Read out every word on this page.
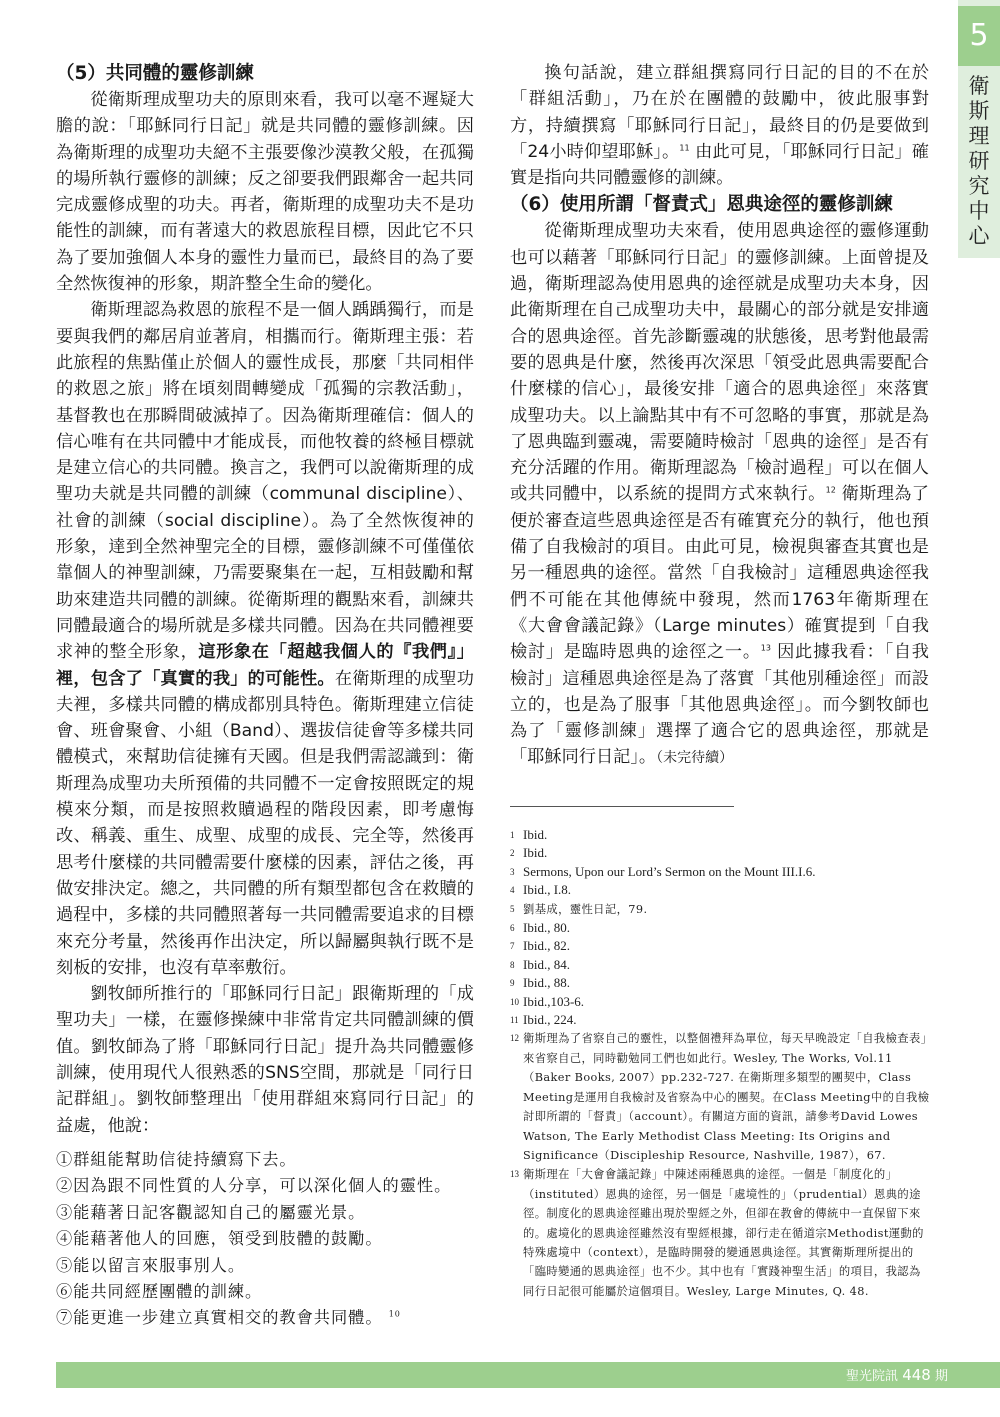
5
衛
斯
理
研
究
中
心
（5）共同體的靈修訓練

從衛斯理成聖功夫的原則來看，我可以毫不遲疑大膽的說：「耶穌同行日記」就是共同體的靈修訓練。因為衛斯理的成聖功夫絕不主張要像沙漠教父般，在孤獨的場所執行靈修的訓練；反之卻要我們跟鄰舍一起共同完成靈修成聖的功夫。再者，衛斯理的成聖功夫不是功能性的訓練，而有著遠大的救恩旅程目標，因此它不只為了要加強個人本身的靈性力量而已，最終目的為了要全然恢復神的形象，期許整全生命的變化。

衛斯理認為救恩的旅程不是一個人踽踽獨行，而是要與我們的鄰居肩並著肩，相攜而行。衛斯理主張：若此旅程的焦點僅止於個人的靈性成長，那麼「共同相伴的救恩之旅」將在頃刻間轉變成「孤獨的宗教活動」，基督教也在那瞬間破滅掉了。因為衛斯理確信：個人的信心唯有在共同體中才能成長，而他牧養的終極目標就是建立信心的共同體。換言之，我們可以說衛斯理的成聖功夫就是共同體的訓練（communal discipline）、社會的訓練（social discipline）。為了全然恢復神的形象，達到全然神聖完全的目標，靈修訓練不可僅僅依靠個人的神聖訓練，乃需要聚集在一起，互相鼓勵和幫助來建造共同體的訓練。從衛斯理的觀點來看，訓練共同體最適合的場所就是多樣共同體。因為在共同體裡要求神的整全形象，這形象在「超越我個人的『我們』」裡，包含了「真實的我」的可能性。在衛斯理的成聖功夫裡，多樣共同體的構成都別具特色。衛斯理建立信徒會、班會聚會、小組（Band）、選拔信徒會等多樣共同體模式，來幫助信徒擁有天國。但是我們需認識到：衛斯理為成聖功夫所預備的共同體不一定會按照既定的規模來分類，而是按照救贖過程的階段因素，即考慮悔改、稱義、重生、成聖、成聖的成長、完全等，然後再思考什麼樣的共同體需要什麼樣的因素，評估之後，再做安排決定。總之，共同體的所有類型都包含在救贖的過程中，多樣的共同體照著每一共同體需要追求的目標來充分考量，然後再作出決定，所以歸屬與執行既不是刻板的安排，也沒有草率敷衍。

劉牧師所推行的「耶穌同行日記」跟衛斯理的「成聖功夫」一樣，在靈修操練中非常肯定共同體訓練的價值。劉牧師為了將「耶穌同行日記」提升為共同體靈修訓練，使用現代人很熟悉的SNS空間，那就是「同行日記群組」。劉牧師整理出「使用群組來寫同行日記」的益處，他說：

①群組能幫助信徒持續寫下去。
②因為跟不同性質的人分享，可以深化個人的靈性。
③能藉著日記客觀認知自己的屬靈光景。
④能藉著他人的回應，領受到肢體的鼓勵。
⑤能以留言來服事別人。
⑥能共同經歷團體的訓練。
⑦能更進一步建立真實相交的教會共同體。 $^{10}$

換句話說，建立群組撰寫同行日記的目的不在於「群組活動」，乃在於在團體的鼓勵中，彼此服事對方，持續撰寫「耶穌同行日記」，最終目的仍是要做到「24小時仰望耶穌」。$^{11}$ 由此可見，「耶穌同行日記」確實是指向共同體靈修的訓練。

（6）使用所謂「督責式」恩典途徑的靈修訓練

從衛斯理成聖功夫來看，使用恩典途徑的靈修運動也可以藉著「耶穌同行日記」的靈修訓練。上面曾提及過，衛斯理認為使用恩典的途徑就是成聖功夫本身，因此衛斯理在自己成聖功夫中，最關心的部分就是安排適合的恩典途徑。首先診斷靈魂的狀態後，思考對他最需要的恩典是什麼，然後再次深思「領受此恩典需要配合什麼樣的信心」，最後安排「適合的恩典途徑」來落實成聖功夫。以上論點其中有不可忽略的事實，那就是為了恩典臨到靈魂，需要隨時檢討「恩典的途徑」是否有充分活躍的作用。衛斯理認為「檢討過程」可以在個人或共同體中，以系統的提問方式來執行。$^{12}$ 衛斯理為了便於審查這些恩典途徑是否有確實充分的執行，他也預備了自我檢討的項目。由此可見，檢視與審查其實也是另一種恩典的途徑。當然「自我檢討」這種恩典途徑我們不可能在其他傳統中發現，然而1763年衛斯理在《大會會議記錄》（Large minutes）確實提到「自我檢討」是臨時恩典的途徑之一。$^{13}$ 因此據我看：「自我檢討」這種恩典途徑是為了落實「其他別種途徑」而設立的，也是為了服事「其他恩典途徑」。而今劉牧師也為了「靈修訓練」選擇了適合它的恩典途徑，那就是「耶穌同行日記」。（未完待續）

1 Ibid.
2 Ibid.
3 Sermons, Upon our Lord’s Sermon on the Mount III.I.6.
4 Ibid., I.8.
5 劉基成，靈性日記，79.
6 Ibid., 80.
7 Ibid., 82.
8 Ibid., 84.
9 Ibid., 88.
10 Ibid.,103-6.
11 Ibid., 224.
12 衛斯理為了省察自己的靈性，以整個禮拜為單位，每天早晚設定「自我檢查表」來省察自己，同時勸勉同工們也如此行。Wesley, The Works, Vol.11（Baker Books, 2007）pp.232-727. 在衛斯理多類型的團契中，Class Meeting是運用自我檢討及省察為中心的團契。在Class Meeting中的自我檢討即所謂的「督責」（account）。有關這方面的資訊，請參考David Lowes Watson, The Early Methodist Class Meeting: Its Origins and Significance（Discipleship Resource, Nashville, 1987），67.
13 衛斯理在「大會會議記錄」中陳述兩種恩典的途徑。一個是「制度化的」（instituted）恩典的途徑，另一個是「處境性的」（prudential）恩典的途徑。制度化的恩典途徑雖出現於聖經之外，但卻在教會的傳統中一直保留下來的。處境化的恩典途徑雖然沒有聖經根據，卻行走在循道宗Methodist運動的特殊處境中（context），是臨時開發的變通恩典途徑。其實衛斯理所提出的「臨時變通的恩典途徑」也不少。其中也有「實踐神聖生活」的項目，我認為同行日記很可能屬於這個項目。Wesley, Large Minutes, Q. 48.
聖光院訊 448 期
